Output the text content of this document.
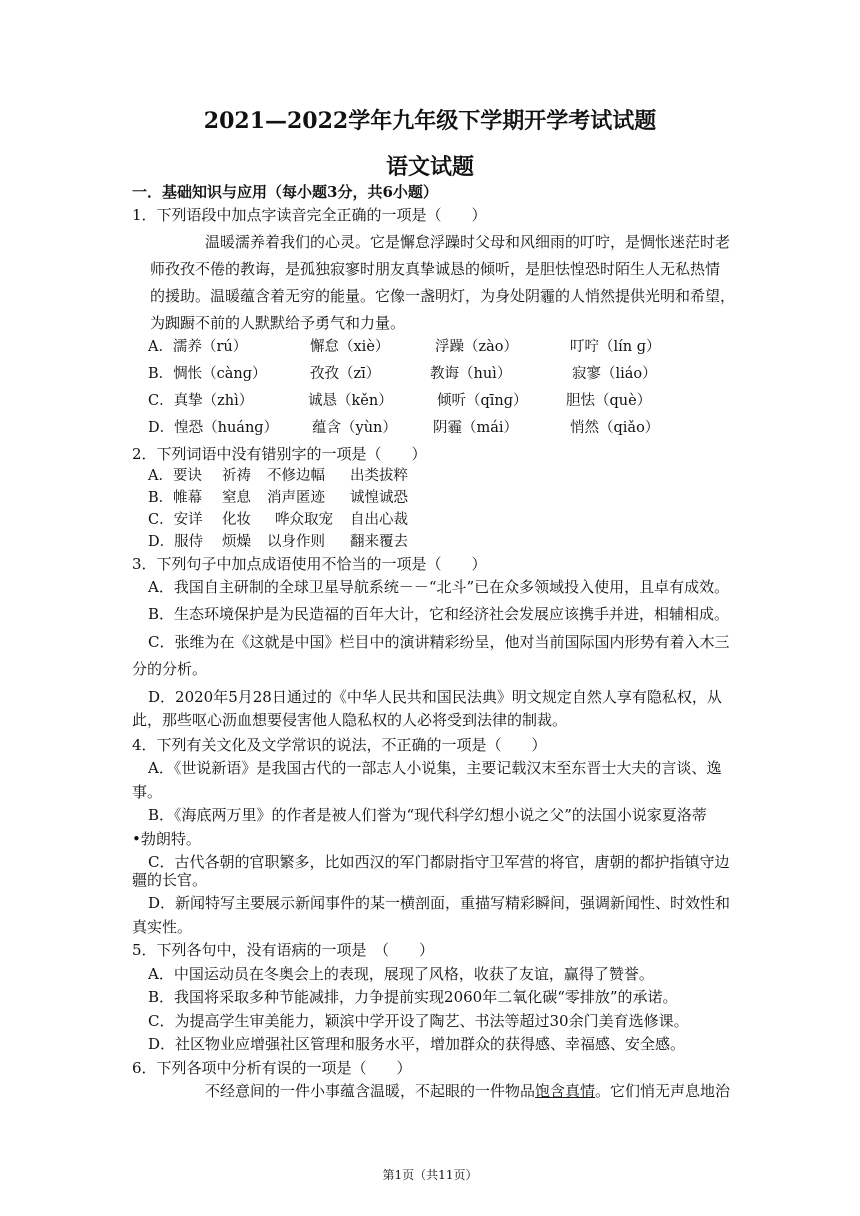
2021—2022学年九年级下学期开学考试试题
语文试题
一．基础知识与应用（每小题3分，共6小题）
1．下列语段中加点字读音完全正确的一项是（　　）
温暖濡养着我们的心灵。它是懈怠浮躁时父母和风细雨的叮咛，是惆怅迷茫时老
师孜孜不倦的教诲，是孤独寂寥时朋友真挚诚恳的倾听，是胆怯惶恐时陌生人无私热情
的援助。温暖蕴含着无穷的能量。它像一盏明灯，为身处阴霾的人悄然提供光明和希望，
为踟蹰不前的人默默给予勇气和力量。
A．濡养（rú）	懈怠（xiè）	浮躁（zào）	叮咛（lín ɡ）
B．惆怅（cànɡ）	孜孜（zī）	教诲（huì）	寂寥（liáo）
C．真挚（zhì）	诚恳（kěn）	倾听（qīnɡ）	胆怯（què）
D．惶恐（huánɡ） 蕴含（yùn） 阴霾（mái）	悄然（qiǎo）
2．下列词语中没有错别字的一项是（　　）
A．要诀 祈祷 不修边幅 出类拔粹
B．帷幕 窒息 消声匿迹 诚惶诚恐
C．安详 化妆 哗众取宠 自出心裁
D．服侍 烦燥 以身作则 翻来覆去
3．下列句子中加点成语使用不恰当的一项是（　　）
A．我国自主研制的全球卫星导航系统－－“北斗”已在众多领域投入使用，且卓有成效。
B．生态环境保护是为民造福的百年大计，它和经济社会发展应该携手并进，相辅相成。
C．张维为在《这就是中国》栏目中的演讲精彩纷呈，他对当前国际国内形势有着入木三
分的分析。
D．2020年5月28日通过的《中华人民共和国民法典》明文规定自然人享有隐私权，从
此，那些呕心沥血想要侵害他人隐私权的人必将受到法律的制裁。
4．下列有关文化及文学常识的说法，不正确的一项是（　　）
A．《世说新语》是我国古代的一部志人小说集，主要记载汉末至东晋士大夫的言谈、逸
事。
B．《海底两万里》的作者是被人们誉为“现代科学幻想小说之父”的法国小说家夏洛蒂
•勃朗特。
C．古代各朝的官职繁多，比如西汉的军门都尉指守卫军营的将官，唐朝的都护指镇守边
疆的长官。
D．新闻特写主要展示新闻事件的某一横剖面，重描写精彩瞬间，强调新闻性、时效性和
真实性。
5．下列各句中，没有语病的一项是　（　　）
A．中国运动员在冬奥会上的表现，展现了风格，收获了友谊，赢得了赞誉。
B．我国将采取多种节能减排，力争提前实现2060年二氧化碳“零排放”的承诺。
C．为提高学生审美能力，颖滨中学开设了陶艺、书法等超过30余门美育选修课。
D．社区物业应增强社区管理和服务水平，增加群众的获得感、幸福感、安全感。
6．下列各项中分析有误的一项是（　　）
不经意间的一件小事蕴含温暖，不起眼的一件物品饱含真情。它们悄无声息地治
第1页（共11页）
